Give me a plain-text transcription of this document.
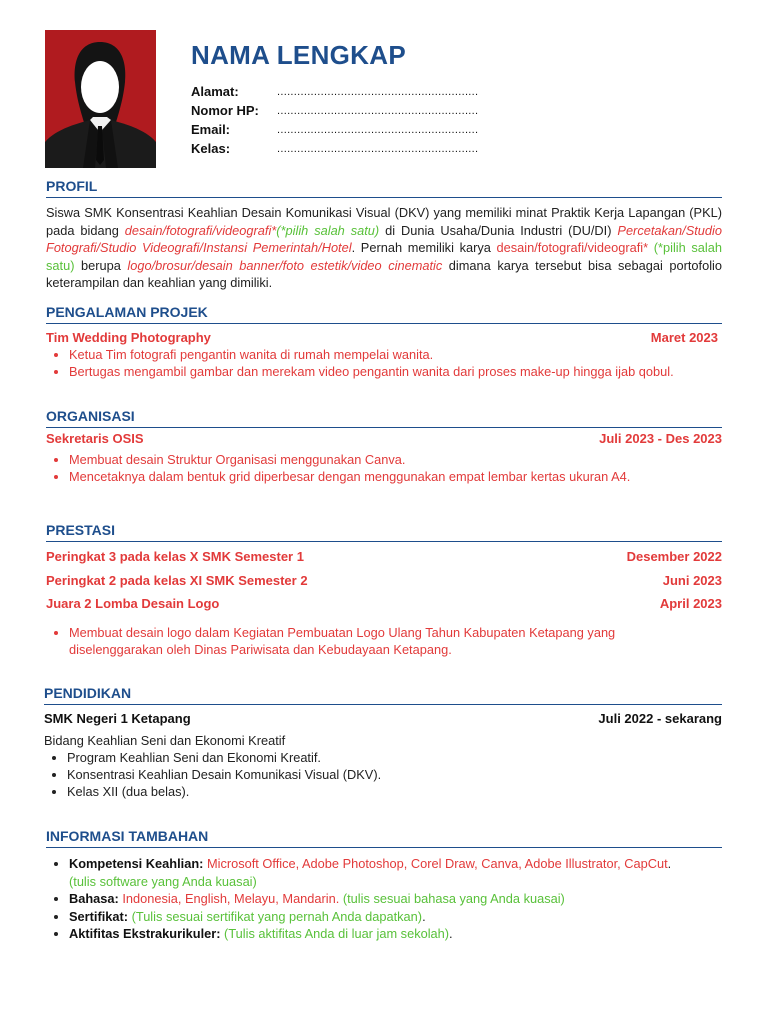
NAMA LENGKAP
Alamat:	............................................................
Nomor HP:	............................................................
Email:	............................................................
Kelas:	............................................................
PROFIL
Siswa SMK Konsentrasi Keahlian Desain Komunikasi Visual (DKV) yang memiliki minat Praktik Kerja Lapangan (PKL) pada bidang desain/fotografi/videografi*(*pilih salah satu) di Dunia Usaha/Dunia Industri (DU/DI) Percetakan/Studio Fotografi/Studio Videografi/Instansi Pemerintah/Hotel. Pernah memiliki karya desain/fotografi/videografi* (*pilih salah satu) berupa logo/brosur/desain banner/foto estetik/video cinematic dimana karya tersebut bisa sebagai portofolio keterampilan dan keahlian yang dimiliki.
PENGALAMAN PROJEK
Tim Wedding Photography	Maret 2023
• Ketua Tim fotografi pengantin wanita di rumah mempelai wanita.
• Bertugas mengambil gambar dan merekam video pengantin wanita dari proses make-up hingga ijab qobul.
ORGANISASI
Sekretaris OSIS	Juli 2023 - Des 2023
• Membuat desain Struktur Organisasi menggunakan Canva.
• Mencetaknya dalam bentuk grid diperbesar dengan menggunakan empat lembar kertas ukuran A4.
PRESTASI
Peringkat 3 pada kelas X SMK Semester 1	Desember 2022
Peringkat 2 pada kelas XI SMK Semester 2	Juni 2023
Juara 2 Lomba Desain Logo	April 2023
• Membuat desain logo dalam Kegiatan Pembuatan Logo Ulang Tahun Kabupaten Ketapang yang diselenggarakan oleh Dinas Pariwisata dan Kebudayaan Ketapang.
PENDIDIKAN
SMK Negeri 1 Ketapang	Juli 2022 - sekarang
Bidang Keahlian Seni dan Ekonomi Kreatif
• Program Keahlian Seni dan Ekonomi Kreatif.
• Konsentrasi Keahlian Desain Komunikasi Visual (DKV).
• Kelas XII (dua belas).
INFORMASI TAMBAHAN
• Kompetensi Keahlian: Microsoft Office, Adobe Photoshop, Corel Draw, Canva, Adobe Illustrator, CapCut. (tulis software yang Anda kuasai)
• Bahasa: Indonesia, English, Melayu, Mandarin. (tulis sesuai bahasa yang Anda kuasai)
• Sertifikat: (Tulis sesuai sertifikat yang pernah Anda dapatkan).
• Aktifitas Ekstrakurikuler: (Tulis aktifitas Anda di luar jam sekolah).
